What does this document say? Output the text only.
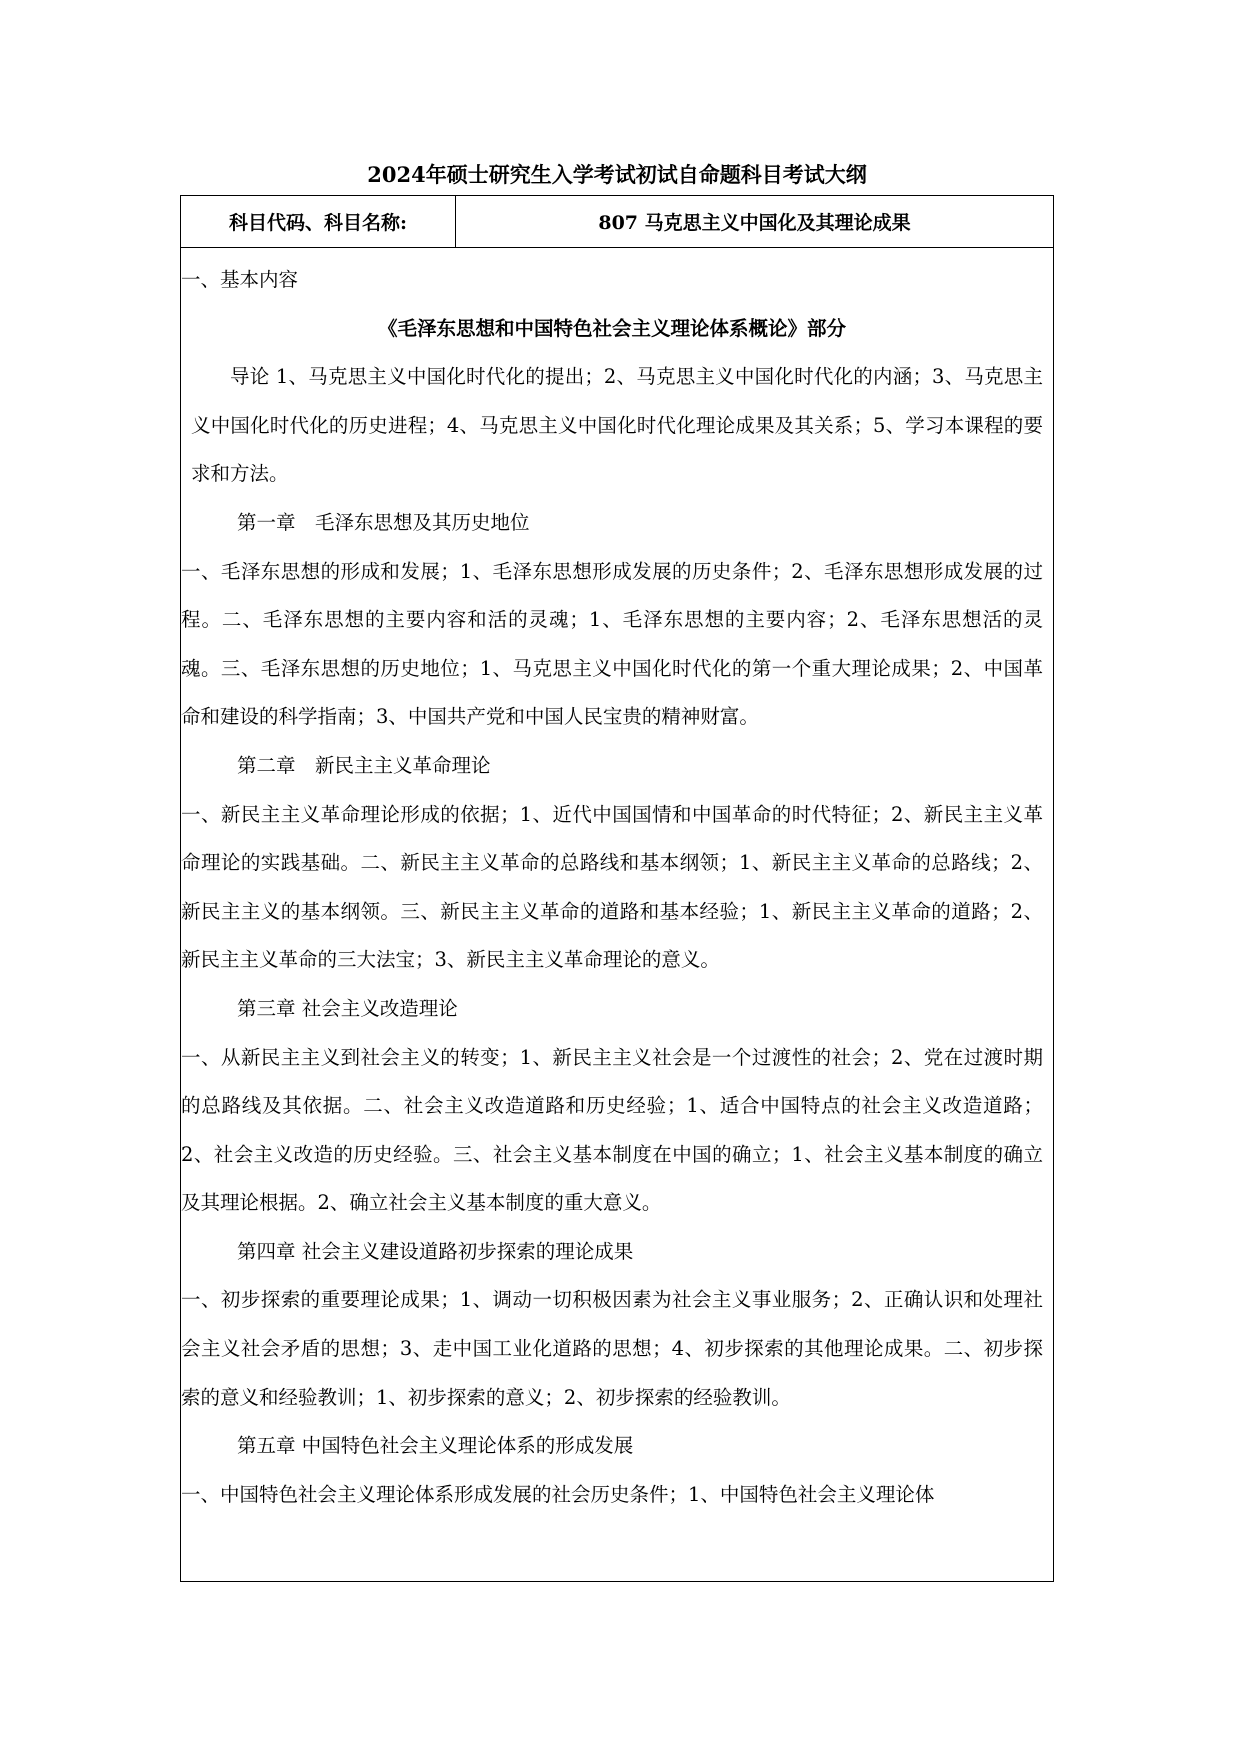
2024年硕士研究生入学考试初试自命题科目考试大纲
科目代码、科目名称:	807 马克思主义中国化及其理论成果

一、基本内容

《毛泽东思想和中国特色社会主义理论体系概论》部分

导论 1、马克思主义中国化时代化的提出；2、马克思主义中国化时代化的内涵；3、马克思主义中国化时代化的历史进程；4、马克思主义中国化时代化理论成果及其关系；5、学习本课程的要求和方法。

第一章　毛泽东思想及其历史地位

一、毛泽东思想的形成和发展；1、毛泽东思想形成发展的历史条件；2、毛泽东思想形成发展的过程。二、毛泽东思想的主要内容和活的灵魂；1、毛泽东思想的主要内容；2、毛泽东思想活的灵魂。三、毛泽东思想的历史地位；1、马克思主义中国化时代化的第一个重大理论成果；2、中国革命和建设的科学指南；3、中国共产党和中国人民宝贵的精神财富。

第二章　新民主主义革命理论

一、新民主主义革命理论形成的依据；1、近代中国国情和中国革命的时代特征；2、新民主主义革命理论的实践基础。二、新民主主义革命的总路线和基本纲领；1、新民主主义革命的总路线；2、新民主主义的基本纲领。三、新民主主义革命的道路和基本经验；1、新民主主义革命的道路；2、新民主主义革命的三大法宝；3、新民主主义革命理论的意义。

第三章 社会主义改造理论

一、从新民主主义到社会主义的转变；1、新民主主义社会是一个过渡性的社会；2、党在过渡时期的总路线及其依据。二、社会主义改造道路和历史经验；1、适合中国特点的社会主义改造道路；2、社会主义改造的历史经验。三、社会主义基本制度在中国的确立；1、社会主义基本制度的确立及其理论根据。2、确立社会主义基本制度的重大意义。

第四章 社会主义建设道路初步探索的理论成果

一、初步探索的重要理论成果；1、调动一切积极因素为社会主义事业服务；2、正确认识和处理社会主义社会矛盾的思想；3、走中国工业化道路的思想；4、初步探索的其他理论成果。二、初步探索的意义和经验教训；1、初步探索的意义；2、初步探索的经验教训。

第五章 中国特色社会主义理论体系的形成发展

一、中国特色社会主义理论体系形成发展的社会历史条件；1、中国特色社会主义理论体
